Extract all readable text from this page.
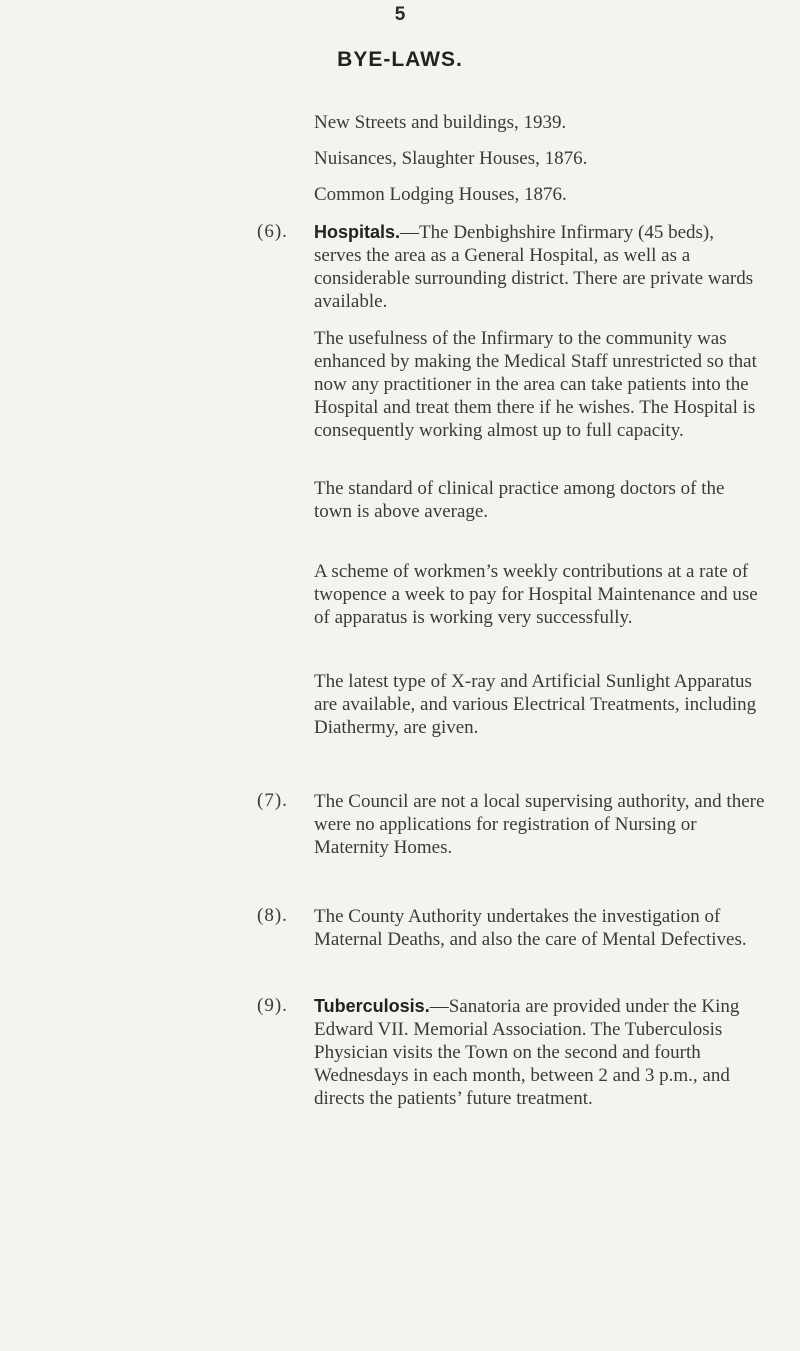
5
BYE-LAWS.
New Streets and buildings, 1939.
Nuisances, Slaughter Houses, 1876.
Common Lodging Houses, 1876.
(6). Hospitals.—The Denbighshire Infirmary (45 beds), serves the area as a General Hospital, as well as a considerable surrounding district. There are private wards available.

The usefulness of the Infirmary to the community was enhanced by making the Medical Staff unrestricted so that now any practitioner in the area can take patients into the Hospital and treat them there if he wishes. The Hospital is consequently working almost up to full capacity.

The standard of clinical practice among doctors of the town is above average.

A scheme of workmen’s weekly contributions at a rate of twopence a week to pay for Hospital Maintenance and use of apparatus is working very successfully.

The latest type of X-ray and Artificial Sunlight Apparatus are available, and various Electrical Treatments, including Diathermy, are given.

(7). The Council are not a local supervising authority, and there were no applications for registration of Nursing or Maternity Homes.

(8). The County Authority undertakes the investigation of Maternal Deaths, and also the care of Mental Defectives.

(9). Tuberculosis.—Sanatoria are provided under the King Edward VII. Memorial Association. The Tuberculosis Physician visits the Town on the second and fourth Wednesdays in each month, between 2 and 3 p.m., and directs the patients’ future treatment.
